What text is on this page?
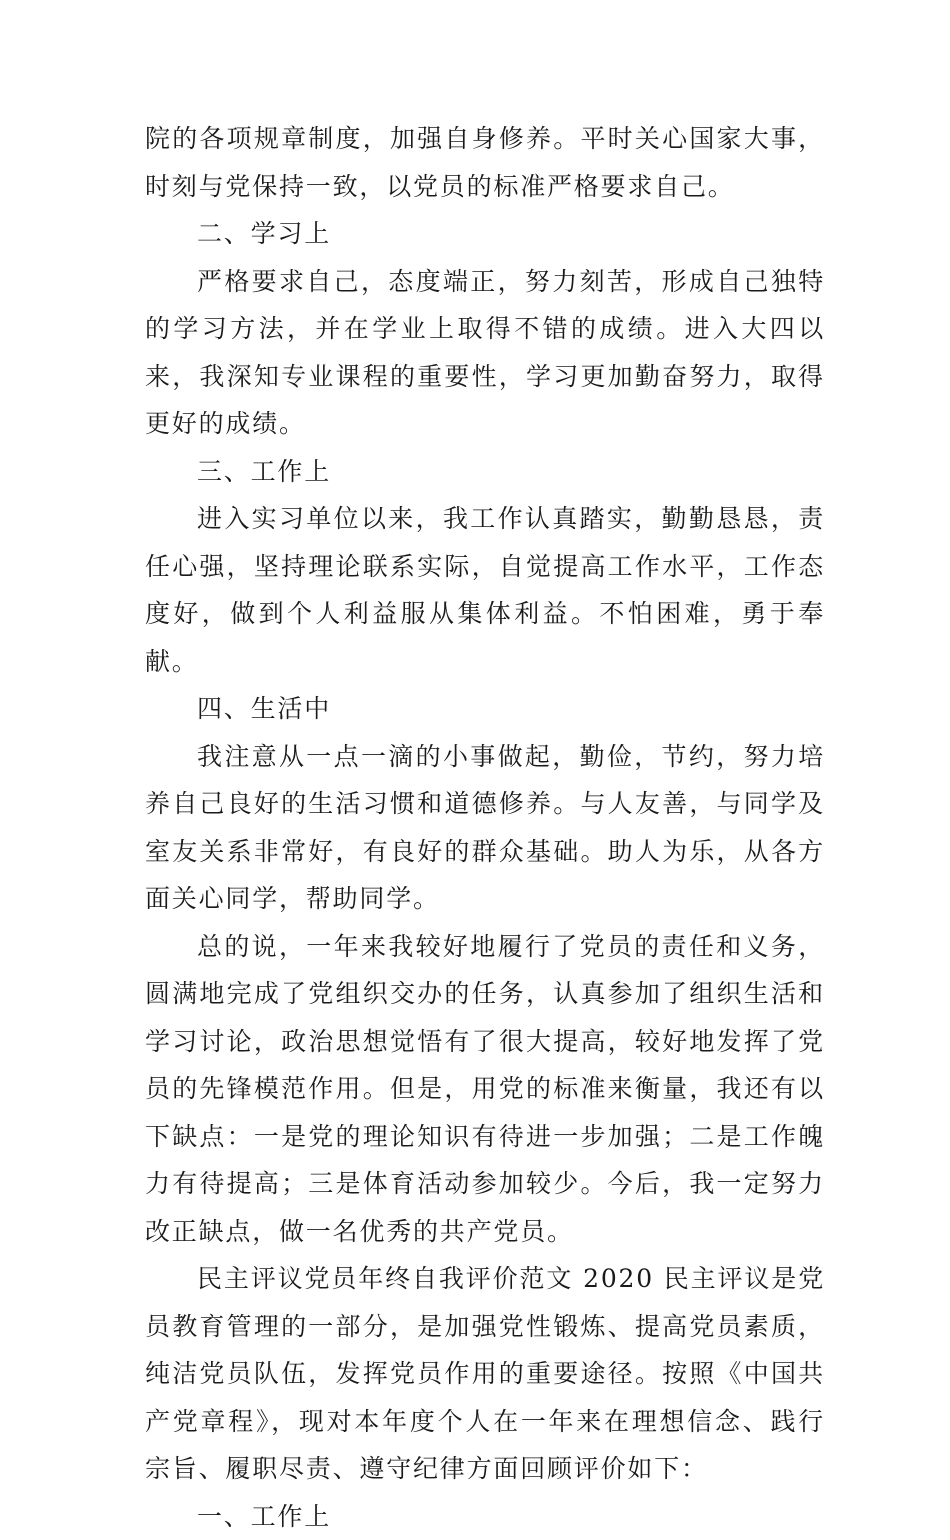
院的各项规章制度，加强自身修养。平时关心国家大事，时刻与党保持一致，以党员的标准严格要求自己。

二、学习上

严格要求自己，态度端正，努力刻苦，形成自己独特的学习方法，并在学业上取得不错的成绩。进入大四以来，我深知专业课程的重要性，学习更加勤奋努力，取得更好的成绩。

三、工作上

进入实习单位以来，我工作认真踏实，勤勤恳恳，责任心强，坚持理论联系实际，自觉提高工作水平，工作态度好，做到个人利益服从集体利益。不怕困难，勇于奉献。

四、生活中

我注意从一点一滴的小事做起，勤俭，节约，努力培养自己良好的生活习惯和道德修养。与人友善，与同学及室友关系非常好，有良好的群众基础。助人为乐，从各方面关心同学，帮助同学。

总的说，一年来我较好地履行了党员的责任和义务，圆满地完成了党组织交办的任务，认真参加了组织生活和学习讨论，政治思想觉悟有了很大提高，较好地发挥了党员的先锋模范作用。但是，用党的标准来衡量，我还有以下缺点：一是党的理论知识有待进一步加强；二是工作魄力有待提高；三是体育活动参加较少。今后，我一定努力改正缺点，做一名优秀的共产党员。

民主评议党员年终自我评价范文 2020 民主评议是党员教育管理的一部分，是加强党性锻炼、提高党员素质，纯洁党员队伍，发挥党员作用的重要途径。按照《中国共产党章程》，现对本年度个人在一年来在理想信念、践行宗旨、履职尽责、遵守纪律方面回顾评价如下：

一、工作上
